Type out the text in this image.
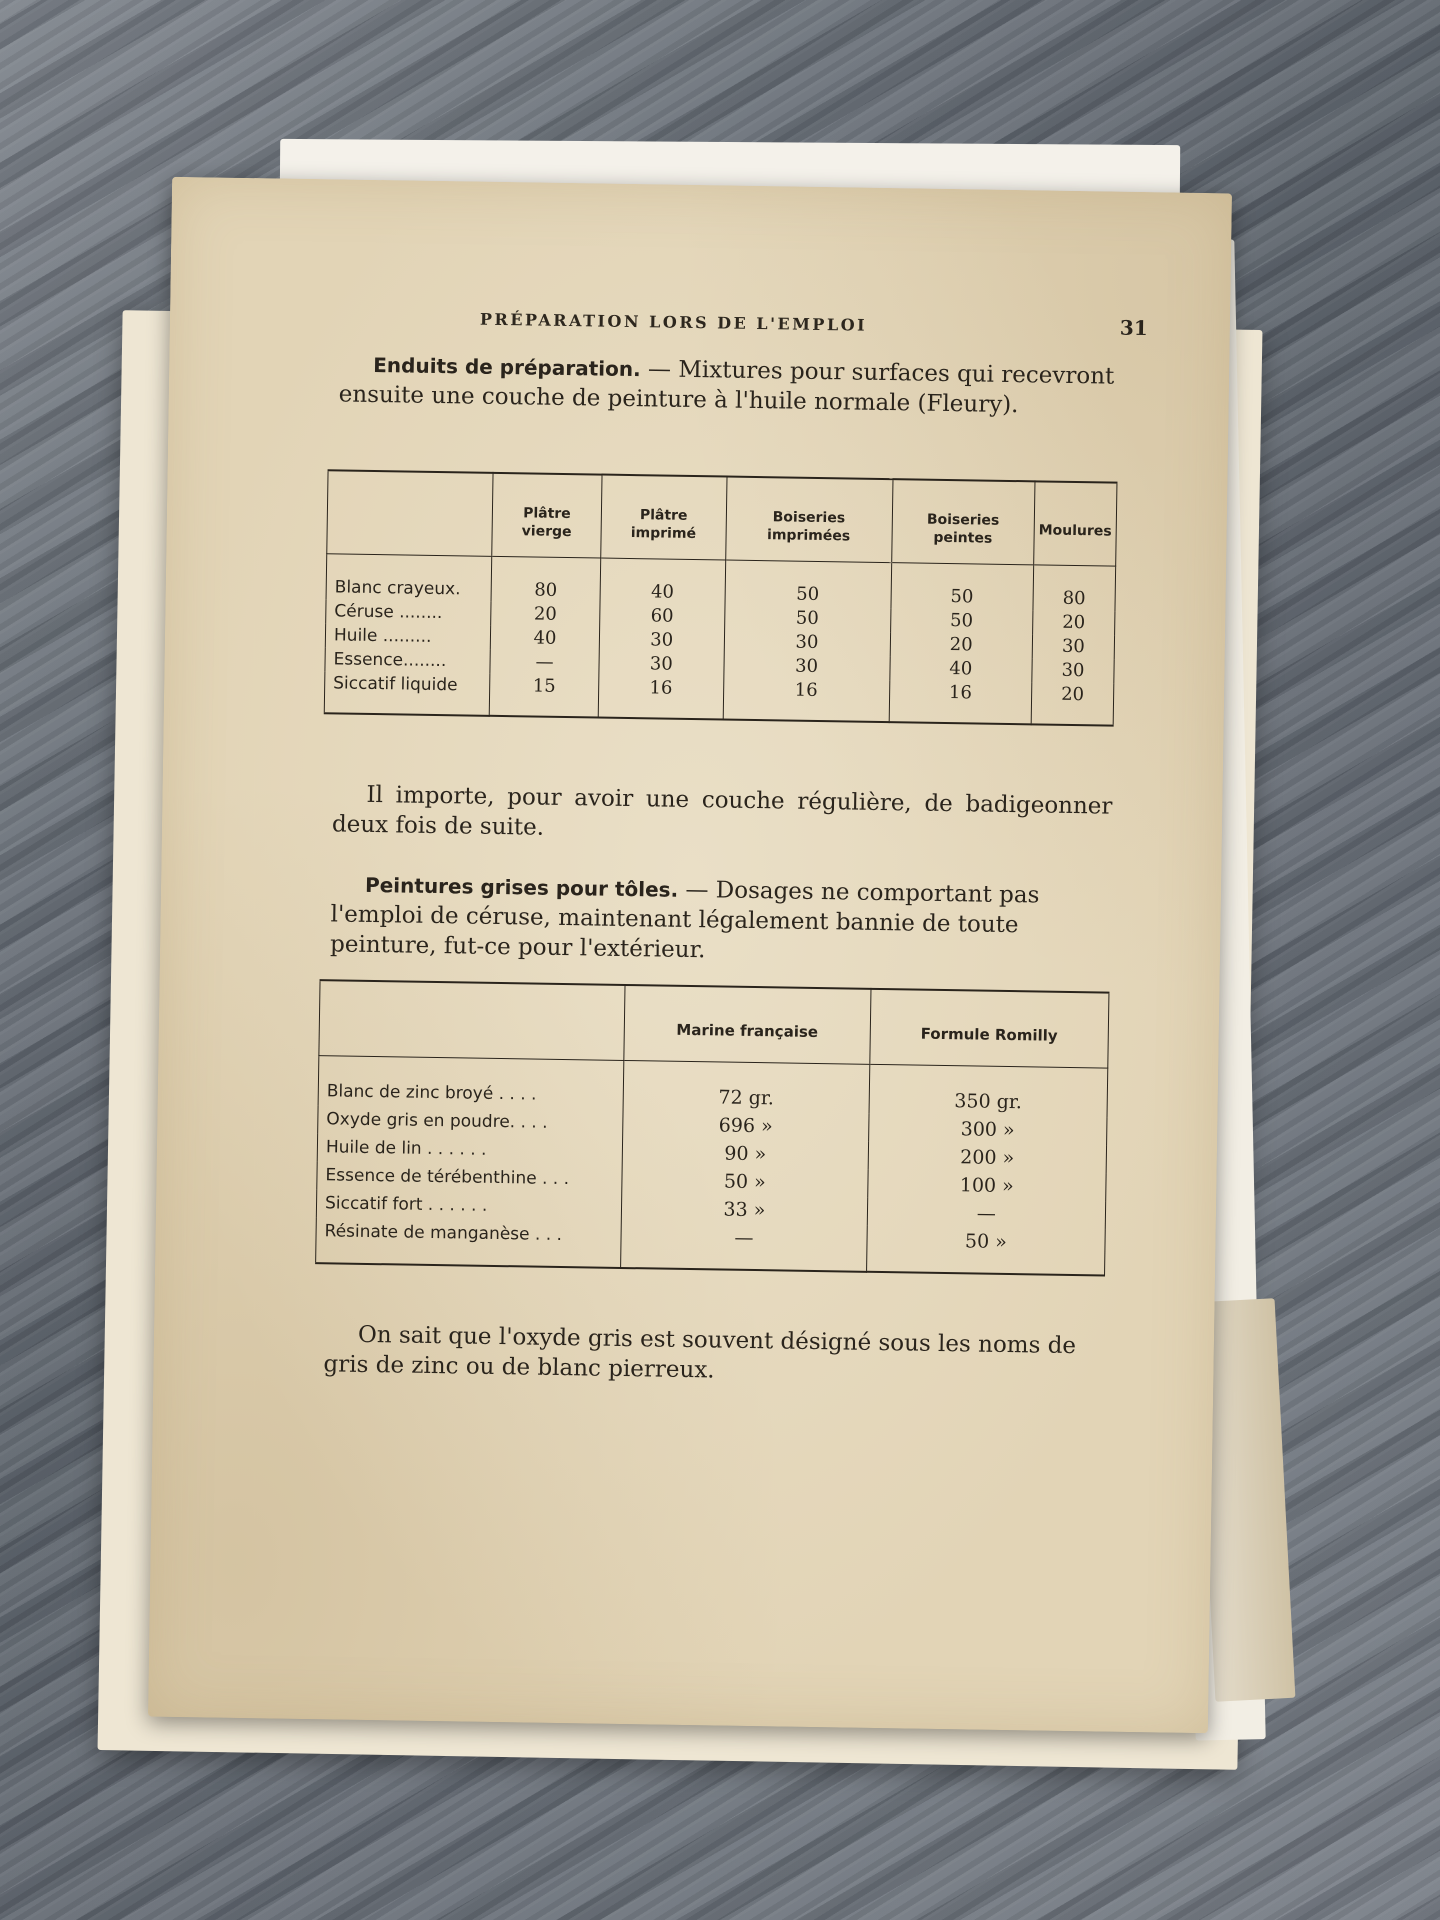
PRÉPARATION LORS DE L'EMPLOI	31

Enduits de préparation. — Mixtures pour surfaces qui recevront ensuite une couche de peinture à l'huile normale (Fleury).

	Plâtre vierge	Plâtre imprimé	Boiseries imprimées	Boiseries peintes	Moulures
Blanc crayeux.	80	40	50	50	80
Céruse ........	20	60	50	50	20
Huile .........	40	30	30	20	30
Essence........	—	30	30	40	30
Siccatif liquide	15	16	16	16	20

Il importe, pour avoir une couche régulière, de badigeonner deux fois de suite.

Peintures grises pour tôles. — Dosages ne comportant pas l'emploi de céruse, maintenant légalement bannie de toute peinture, fut-ce pour l'extérieur.

	Marine française	Formule Romilly
Blanc de zinc broyé . . . .	72 gr.	350 gr.
Oxyde gris en poudre. . . .	696 »	300 »
Huile de lin . . . . . .	90 »	200 »
Essence de térébenthine . . .	50 »	100 »
Siccatif fort . . . . . .	33 »	—
Résinate de manganèse . . .	—	50 »

On sait que l'oxyde gris est souvent désigné sous les noms de gris de zinc ou de blanc pierreux.
